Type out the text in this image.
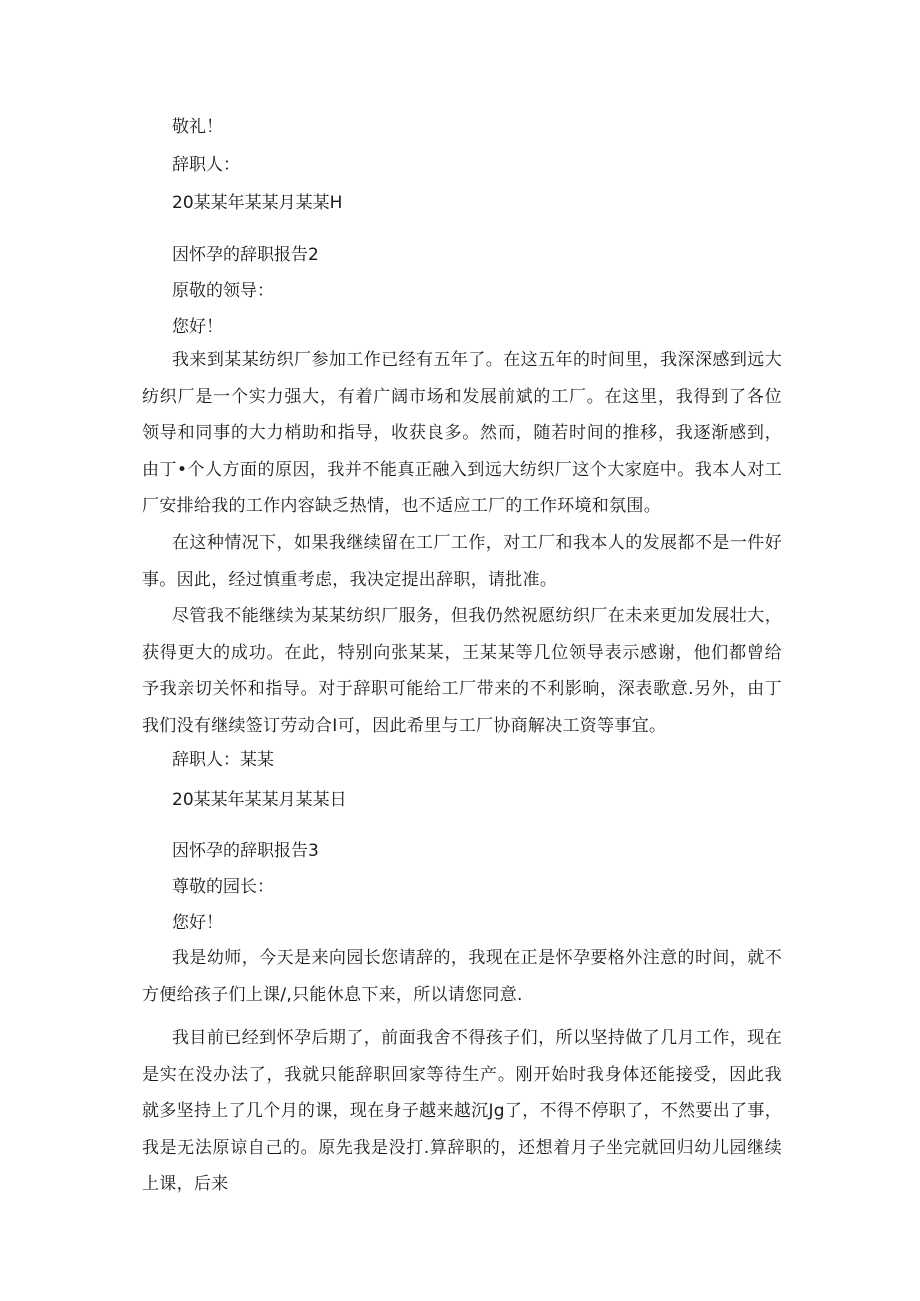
敬礼！
辞职人：
20某某年某某月某某H
因怀孕的辞职报告2
原敬的领导：
您好！
我来到某某纺织厂参加工作已经有五年了。在这五年的时间里，我深深感到远大纺织厂是一个实力强大，有着广阔市场和发展前斌的工厂。在这里，我得到了各位领导和同事的大力梢助和指导，收获良多。然而，随若时间的推移，我逐渐感到，由丁•个人方面的原因，我并不能真正融入到远大纺织厂这个大家庭中。我本人对工厂安排给我的工作内容缺乏热情，也不适应工厂的工作环境和氛围。
在这种情况下，如果我继续留在工厂工作，对工厂和我本人的发展都不是一件好事。因此，经过慎重考虑，我决定提出辞职，请批准。
尽管我不能继续为某某纺织厂服务，但我仍然祝愿纺织厂在未来更加发展壮大，获得更大的成功。在此，特别向张某某，王某某等几位领导表示感谢，他们都曾给予我亲切关怀和指导。对于辞职可能给工厂带来的不利影晌，深表歌意.另外，由丁我们没有继续签订劳动合I可，因此希里与工厂协商解决工资等事宜。
辞职人：某某
20某某年某某月某某日
因怀孕的辞职报告3
尊敬的园长：
您好！
我是幼师，今天是来向园长您请辞的，我现在正是怀孕要格外注意的时间，就不方便给孩子们上课/,只能休息下来，所以请您同意.
我目前已经到怀孕后期了，前面我舍不得孩子们，所以坚持做了几月工作，现在是实在没办法了，我就只能辞职回家等待生产。刚开始时我身体还能接受，因此我就多坚持上了几个月的课，现在身子越来越沉Jg了，不得不停职了，不然要出了事，我是无法原谅自己的。原先我是没打.算辞职的，还想着月子坐完就回归幼儿园继续上课，后来
